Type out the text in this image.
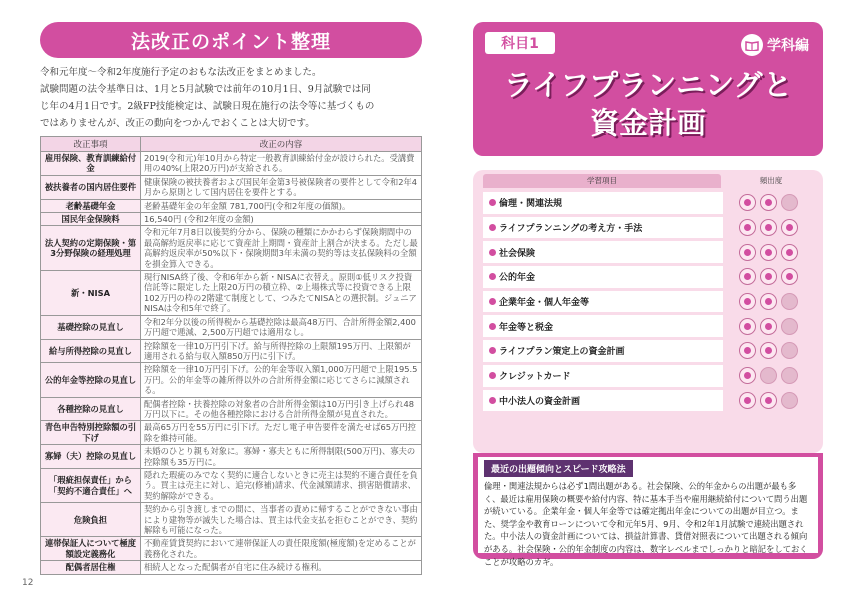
法改正のポイント整理
令和元年度～令和2年度施行予定のおもな法改正をまとめました。
試験問題の法令基準日は、1月と5月試験では前年の10月1日、9月試験では同
じ年の4月1日です。2級FP技能検定は、試験日現在施行の法令等に基づくもの
ではありませんが、改正の動向をつかんでおくことは大切です。
改正事項	改正の内容
雇用保険、教育訓練給付金	2019(令和元)年10月から特定一般教育訓練給付金が設けられた。受講費用の40%(上限20万円)が支給される。
被扶養者の国内居住要件	健康保険の被扶養者および国民年金第3号被保険者の要件として令和2年4月から原則として国内居住を要件とする。
老齢基礎年金	老齢基礎年金の年金額 781,700円(令和2年度の価額)。
国民年金保険料	16,540円 (令和2年度の金額)
法人契約の定期保険・第3分野保険の経理処理	令和元年7月8日以後契約分から、保険の種類にかかわらず保険期間中の最高解約返戻率に応じて資産計上期間・資産計上割合が決まる。ただし最高解約返戻率が50%以下・保険期間3年未満の契約等は支払保険料の全額を損金算入できる。
新・NISA	現行NISA終了後、令和6年から新・NISAに衣替え。原則①低リスク投資信託等に限定した上限20万円の積立枠、②上場株式等に投資できる上限102万円の枠の2階建て制度として、つみたてNISAとの選択制。ジュニアNISAは令和5年で終了。
基礎控除の見直し	令和2年分以後の所得税から基礎控除は最高48万円、合計所得金額2,400万円超で逓減、2,500万円超では適用なし。
給与所得控除の見直し	控除額を一律10万円引下げ。給与所得控除の上限額195万円、上限額が適用される給与収入額850万円に引下げ。
公的年金等控除の見直し	控除額を一律10万円引下げ。公的年金等収入額1,000万円超で上限195.5万円。公的年金等の雑所得以外の合計所得金額に応じてさらに減額される。
各種控除の見直し	配偶者控除・扶養控除の対象者の合計所得金額は10万円引き上げられ48万円以下に。その他各種控除における合計所得金額が見直された。
青色申告特別控除額の引下げ	最高65万円を55万円に引下げ。ただし電子申告要件を満たせば65万円控除を維持可能。
寡婦（夫）控除の見直し	未婚のひとり親も対象に。寡婦・寡夫ともに所得制限(500万円)、寡夫の控除額も35万円に。
「瑕疵担保責任」から「契約不適合責任」へ	隠れた瑕疵のみでなく契約に適合しないときに売主は契約不適合責任を負う。買主は売主に対し、追完(修補)請求、代金減額請求、損害賠償請求、契約解除ができる。
危険負担	契約から引き渡しまでの間に、当事者の責めに帰することができない事由により建物等が滅失した場合は、買主は代金支払を拒むことができ、契約解除も可能になった。
連帯保証人について極度額設定義務化	不動産賃貸契約において連帯保証人の責任限度額(極度額)を定めることが義務化された。
配偶者居住権	相続人となった配偶者が自宅に住み続ける権利。
12
科目1	学科編
ライフプランニングと
資金計画
学習項目	頻出度
倫理・関連法規
ライフプランニングの考え方・手法
社会保険
公的年金
企業年金・個人年金等
年金等と税金
ライフプラン策定上の資金計画
クレジットカード
中小法人の資金計画
最近の出題傾向とスピード攻略法
倫理・関連法規からは必ず1問出題がある。社会保険、公的年金からの出題が最も多く、最近は雇用保険の概要や給付内容、特に基本手当や雇用継続給付について問う出題が続いている。企業年金・個人年金等では確定拠出年金についての出題が目立つ。また、奨学金や教育ローンについて令和元年5月、9月、令和2年1月試験で連続出題された。中小法人の資金計画については、損益計算書、貸借対照表について出題される傾向がある。社会保険・公的年金制度の内容は、数字レベルまでしっかりと暗記をしておくことが攻略のカギ。
